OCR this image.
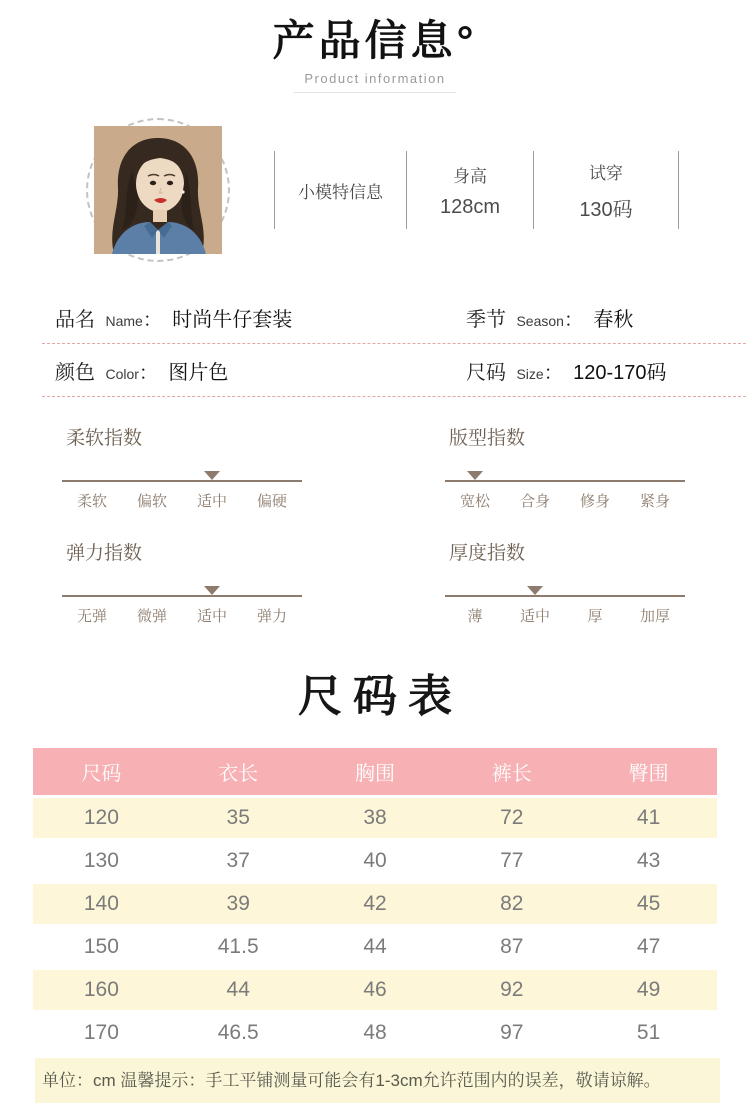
产品信息°
Product information
小模特信息
身高
128cm
试穿
130码
品名 Name： 时尚牛仔套装	季节 Season： 春秋
颜色 Color： 图片色	尺码 Size： 120-170码
柔软指数
柔软	偏软	适中	偏硬
版型指数
宽松	合身	修身	紧身
弹力指数
无弹	微弹	适中	弹力
厚度指数
薄	适中	厚	加厚
尺码表
尺码	衣长	胸围	裤长	臀围
120	35	38	72	41
130	37	40	77	43
140	39	42	82	45
150	41.5	44	87	47
160	44	46	92	49
170	46.5	48	97	51
单位：cm 温馨提示：手工平铺测量可能会有1-3cm允许范围内的误差，敬请谅解。
